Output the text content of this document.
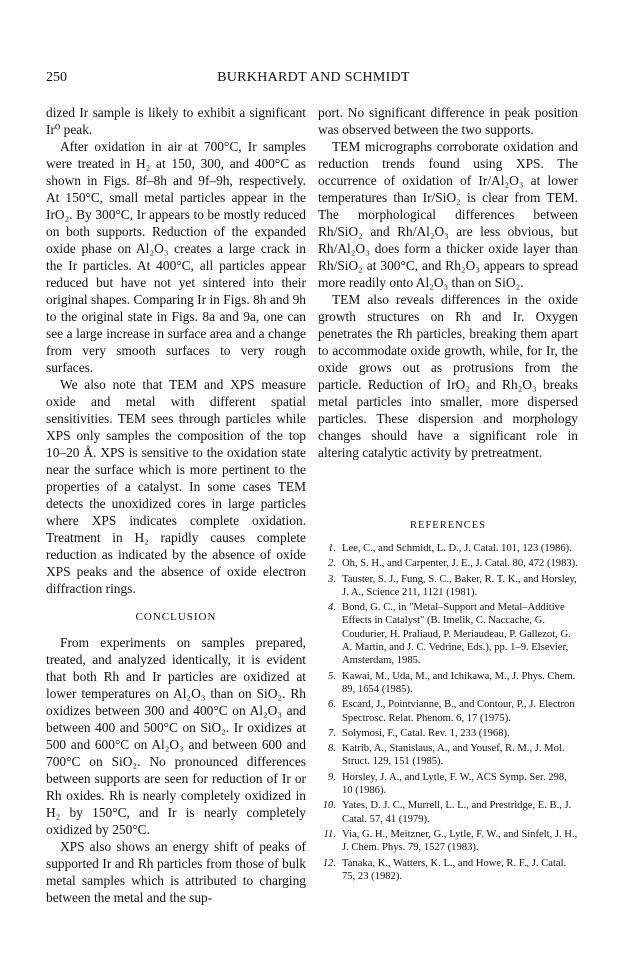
250	BURKHARDT AND SCHMIDT

dized Ir sample is likely to exhibit a significant Ir⁰ peak.

After oxidation in air at 700°C, Ir samples were treated in H₂ at 150, 300, and 400°C as shown in Figs. 8f–8h and 9f–9h, respectively. At 150°C, small metal particles appear in the IrO₂. By 300°C, Ir appears to be mostly reduced on both supports. Reduction of the expanded oxide phase on Al₂O₃ creates a large crack in the Ir particles. At 400°C, all particles appear reduced but have not yet sintered into their original shapes. Comparing Ir in Figs. 8h and 9h to the original state in Figs. 8a and 9a, one can see a large increase in surface area and a change from very smooth surfaces to very rough surfaces.

We also note that TEM and XPS measure oxide and metal with different spatial sensitivities. TEM sees through particles while XPS only samples the composition of the top 10–20 Å. XPS is sensitive to the oxidation state near the surface which is more pertinent to the properties of a catalyst. In some cases TEM detects the unoxidized cores in large particles where XPS indicates complete oxidation. Treatment in H₂ rapidly causes complete reduction as indicated by the absence of oxide XPS peaks and the absence of oxide electron diffraction rings.

CONCLUSION

From experiments on samples prepared, treated, and analyzed identically, it is evident that both Rh and Ir particles are oxidized at lower temperatures on Al₂O₃ than on SiO₂. Rh oxidizes between 300 and 400°C on Al₂O₃ and between 400 and 500°C on SiO₂. Ir oxidizes at 500 and 600°C on Al₂O₃ and between 600 and 700°C on SiO₂. No pronounced differences between supports are seen for reduction of Ir or Rh oxides. Rh is nearly completely oxidized in H₂ by 150°C, and Ir is nearly completely oxidized by 250°C.

XPS also shows an energy shift of peaks of supported Ir and Rh particles from those of bulk metal samples which is attributed to charging between the metal and the sup-

port. No significant difference in peak position was observed between the two supports.

TEM micrographs corroborate oxidation and reduction trends found using XPS. The occurrence of oxidation of Ir/Al₂O₃ at lower temperatures than Ir/SiO₂ is clear from TEM. The morphological differences between Rh/SiO₂ and Rh/Al₂O₃ are less obvious, but Rh/Al₂O₃ does form a thicker oxide layer than Rh/SiO₂ at 300°C, and Rh₂O₃ appears to spread more readily onto Al₂O₃ than on SiO₂.

TEM also reveals differences in the oxide growth structures on Rh and Ir. Oxygen penetrates the Rh particles, breaking them apart to accommodate oxide growth, while, for Ir, the oxide grows out as protrusions from the particle. Reduction of IrO₂ and Rh₂O₃ breaks metal particles into smaller, more dispersed particles. These dispersion and morphology changes should have a significant role in altering catalytic activity by pretreatment.

REFERENCES
1. Lee, C., and Schmidt, L. D., J. Catal. 101, 123 (1986).
2. Oh, S. H., and Carpenter, J. E., J. Catal. 80, 472 (1983).
3. Tauster, S. J., Fung, S. C., Baker, R. T. K., and Horsley, J. A., Science 211, 1121 (1981).
4. Bond, G. C., in "Metal–Support and Metal–Additive Effects in Catalyst" (B. Imelik, C. Naccache, G. Coudurier, H. Praliaud, P. Meriaudeau, P. Gallezot, G. A. Martin, and J. C. Vedrine, Eds.), pp. 1–9. Elsevier, Amsterdam, 1985.
5. Kawai, M., Uda, M., and Ichikawa, M., J. Phys. Chem. 89, 1654 (1985).
6. Escard, J., Pointvianne, B., and Contour, P., J. Electron Spectrosc. Relat. Phenom. 6, 17 (1975).
7. Solymosi, F., Catal. Rev. 1, 233 (1968).
8. Katrib, A., Stanislaus, A., and Yousef, R. M., J. Mol. Struct. 129, 151 (1985).
9. Horsley, J. A., and Lytle, F. W., ACS Symp. Ser. 298, 10 (1986).
10. Yates, D. J. C., Murrell, L. L., and Prestridge, E. B., J. Catal. 57, 41 (1979).
11. Via, G. H., Meitzner, G., Lytle, F. W., and Sinfelt, J. H., J. Chem. Phys. 79, 1527 (1983).
12. Tanaka, K., Watters, K. L., and Howe, R. F., J. Catal. 75, 23 (1982).
